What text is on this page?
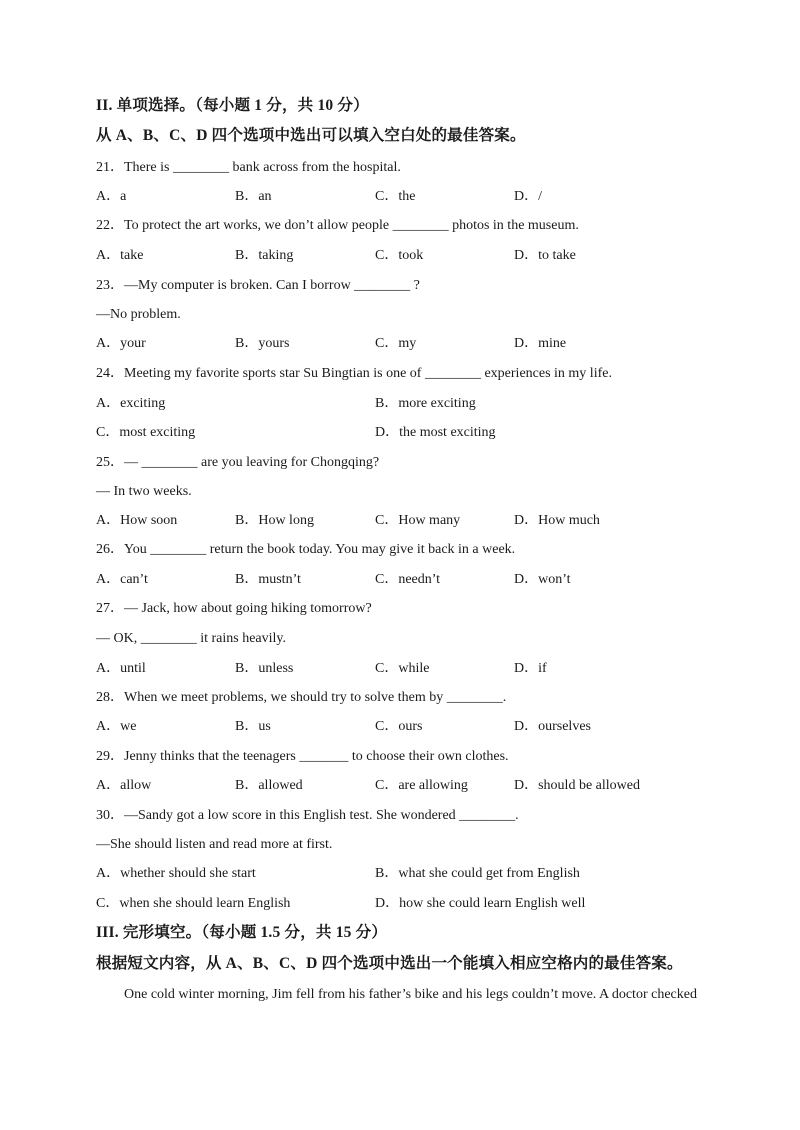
II. 单项选择。（每小题 1 分，共 10 分）
从 A、B、C、D 四个选项中选出可以填入空白处的最佳答案。
21．There is ________ bank across from the hospital.
A．a	B．an	C．the	D．/
22．To protect the art works, we don’t allow people ________ photos in the museum.
A．take	B．taking	C．took	D．to take
23．—My computer is broken. Can I borrow ________ ?
—No problem.
A．your	B．yours	C．my	D．mine
24．Meeting my favorite sports star Su Bingtian is one of ________ experiences in my life.
A．exciting	B．more exciting
C．most exciting	D．the most exciting
25．— ________ are you leaving for Chongqing?
— In two weeks.
A．How soon	B．How long	C．How many	D．How much
26．You ________ return the book today. You may give it back in a week.
A．can’t	B．mustn’t	C．needn’t	D．won’t
27．— Jack, how about going hiking tomorrow?
— OK, ________ it rains heavily.
A．until	B．unless	C．while	D．if
28．When we meet problems, we should try to solve them by ________.
A．we	B．us	C．ours	D．ourselves
29．Jenny thinks that the teenagers _______ to choose their own clothes.
A．allow	B．allowed	C．are allowing	D．should be allowed
30．—Sandy got a low score in this English test. She wondered ________.
—She should listen and read more at first.
A．whether should she start	B．what she could get from English
C．when she should learn English	D．how she could learn English well
III. 完形填空。（每小题 1.5 分，共 15 分）
根据短文内容，从 A、B、C、D 四个选项中选出一个能填入相应空格内的最佳答案。
One cold winter morning, Jim fell from his father’s bike and his legs couldn’t move. A doctor checked
